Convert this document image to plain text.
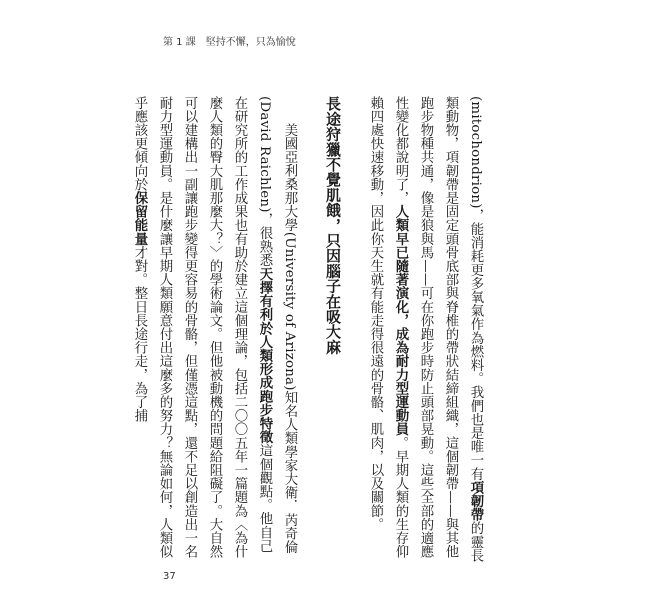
第 1 課　堅持不懈，只為愉悅

(mitochondrion)，能消耗更多氧氣作為燃料。我們也是唯一有項韌帶的靈長類動物，項韌帶是固定頭骨底部與脊椎的帶狀結締組織，這個韌帶——與其他跑步物種共通，像是狼與馬——可在你跑步時防止頭部晃動。這些全部的適應性變化都說明了，人類早已隨著演化，成為耐力型運動員。早期人類的生存仰賴四處快速移動，因此你天生就有能走得很遠的骨骼、肌肉，以及關節。

長途狩獵不覺肌餓，只因腦子在吸大麻

美國亞利桑那大學(University of Arizona)知名人類學家大衛．芮奇倫(David Raichlen)，很熟悉天擇有利於人類形成跑步特徵這個觀點。他自己在研究所的工作成果也有助於建立這個理論，包括二〇〇五年一篇題為〈為什麼人類的臀大肌那麼大？〉的學術論文。但他被動機的問題給阻礙了。大自然可以建構出一副讓跑步變得更容易的骨骼，但僅憑這點，還不足以創造出一名耐力型運動員。是什麼讓早期人類願意付出這麼多的努力？無論如何，人類似乎應該更傾向於保留能量才對。整日長途行走，為了捕

37
